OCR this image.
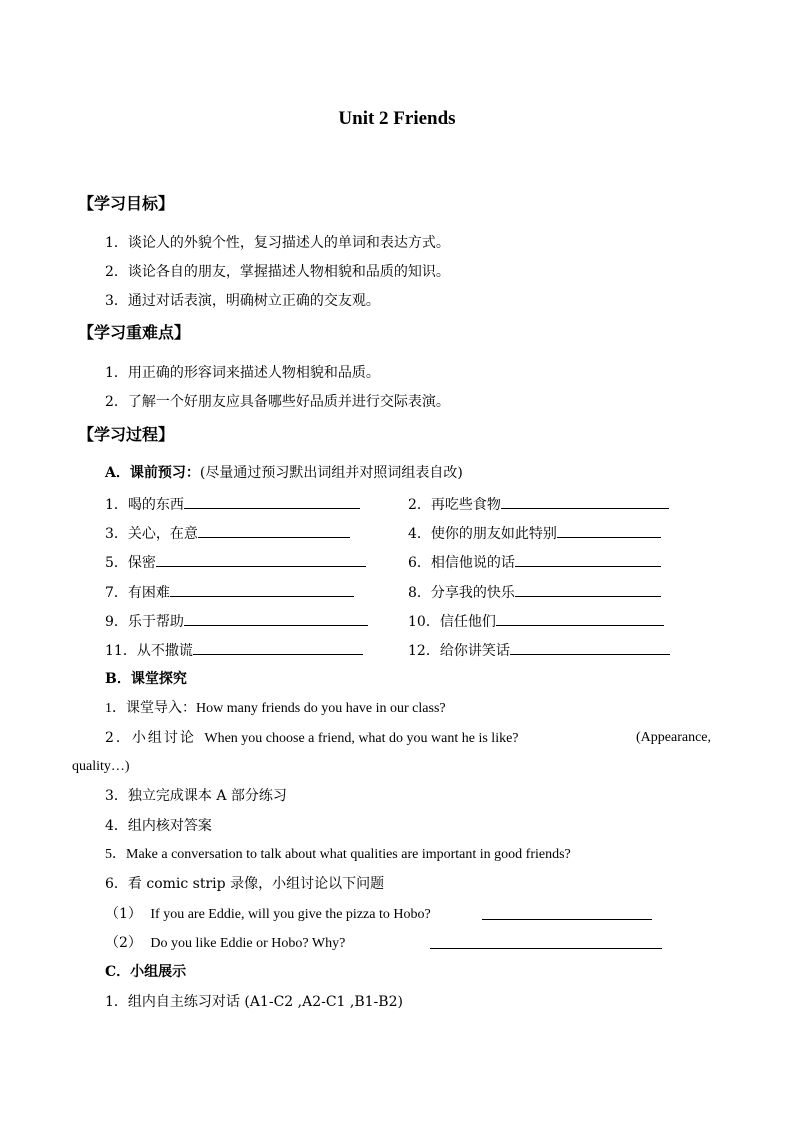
Unit 2 Friends
【学习目标】
1．谈论人的外貌个性，复习描述人的单词和表达方式。
2．谈论各自的朋友，掌握描述人物相貌和品质的知识。
3．通过对话表演，明确树立正确的交友观。
【学习重难点】
1．用正确的形容词来描述人物相貌和品质。
2．了解一个好朋友应具备哪些好品质并进行交际表演。
【学习过程】
A．课前预习：(尽量通过预习默出词组并对照词组表自改)
1．喝的东西
3．关心，在意
5．保密
7．有困难
9．乐于帮助
11．从不撒谎
2．再吃些食物
4．使你的朋友如此特别
6．相信他说的话
8．分享我的快乐
10．信任他们
12．给你讲笑话
B．课堂探究
1．课堂导入：How many friends do you have in our class?
2．小组讨论 When you choose a friend, what do you want he is like?	(Appearance,
quality…)
3．独立完成课本 A 部分练习
4．组内核对答案
5．Make a conversation to talk about what qualities are important in good friends?
6．看 comic strip 录像，小组讨论以下问题
（1） If you are Eddie, will you give the pizza to Hobo?
（2） Do you like Eddie or Hobo? Why?
C．小组展示
1．组内自主练习对话 (A1-C2 ,A2-C1 ,B1-B2)
